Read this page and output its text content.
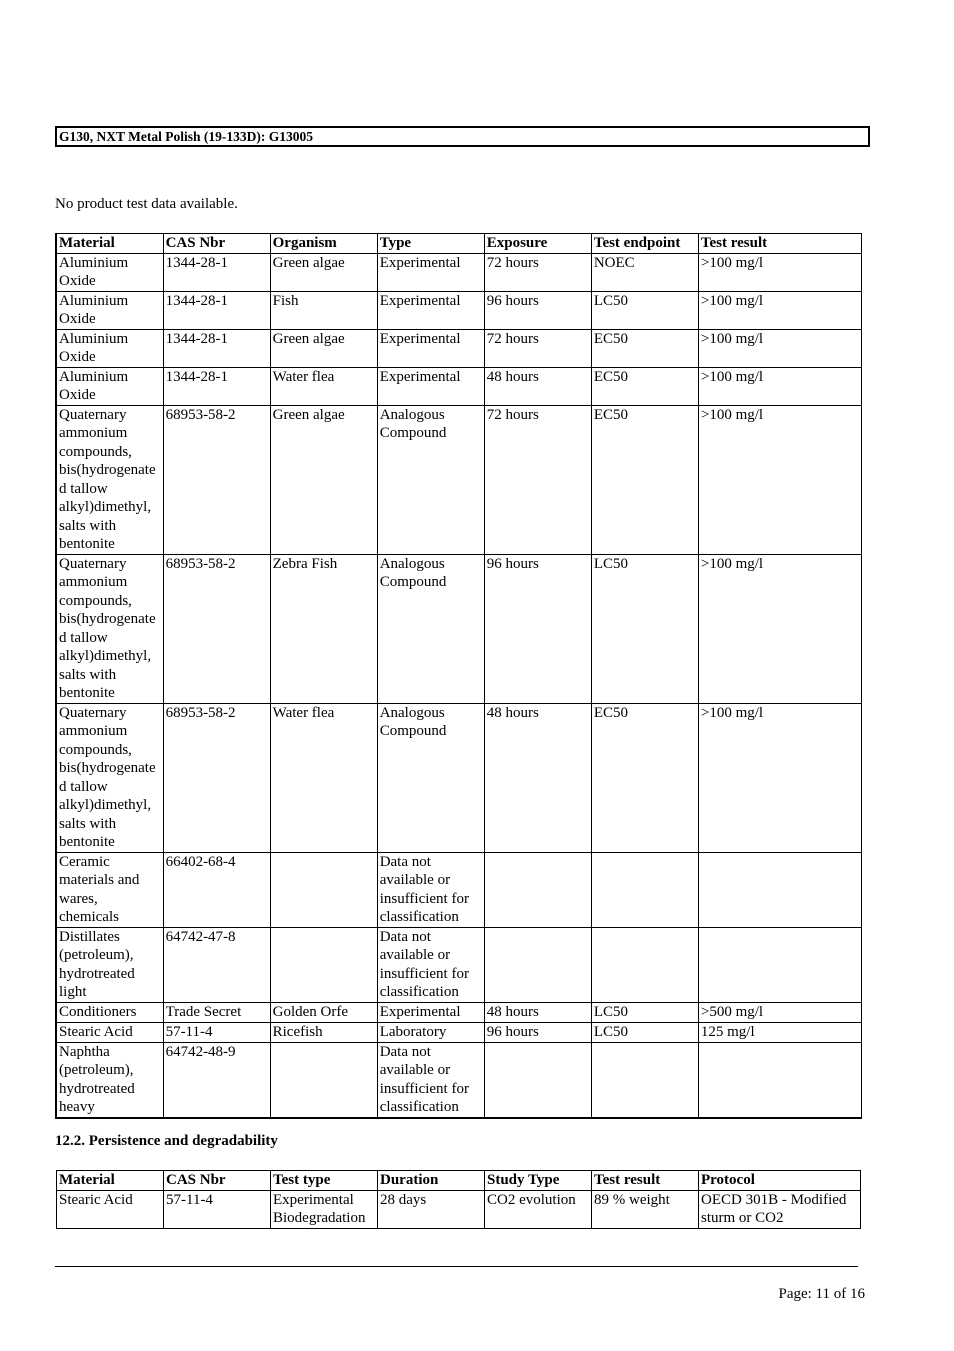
G130, NXT Metal Polish (19-133D): G13005
No product test data available.
Material	CAS Nbr	Organism	Type	Exposure	Test endpoint	Test result
Aluminium Oxide	1344-28-1	Green algae	Experimental	72 hours	NOEC	>100 mg/l
Aluminium Oxide	1344-28-1	Fish	Experimental	96 hours	LC50	>100 mg/l
Aluminium Oxide	1344-28-1	Green algae	Experimental	72 hours	EC50	>100 mg/l
Aluminium Oxide	1344-28-1	Water flea	Experimental	48 hours	EC50	>100 mg/l
Quaternary ammonium compounds, bis(hydrogenated tallow alkyl)dimethyl, salts with bentonite	68953-58-2	Green algae	Analogous Compound	72 hours	EC50	>100 mg/l
Quaternary ammonium compounds, bis(hydrogenated tallow alkyl)dimethyl, salts with bentonite	68953-58-2	Zebra Fish	Analogous Compound	96 hours	LC50	>100 mg/l
Quaternary ammonium compounds, bis(hydrogenated tallow alkyl)dimethyl, salts with bentonite	68953-58-2	Water flea	Analogous Compound	48 hours	EC50	>100 mg/l
Ceramic materials and wares, chemicals	66402-68-4		Data not available or insufficient for classification			
Distillates (petroleum), hydrotreated light	64742-47-8		Data not available or insufficient for classification			
Conditioners	Trade Secret	Golden Orfe	Experimental	48 hours	LC50	>500 mg/l
Stearic Acid	57-11-4	Ricefish	Laboratory	96 hours	LC50	125 mg/l
Naphtha (petroleum), hydrotreated heavy	64742-48-9		Data not available or insufficient for classification			
12.2. Persistence and degradability
Material	CAS Nbr	Test type	Duration	Study Type	Test result	Protocol
Stearic Acid	57-11-4	Experimental Biodegradation	28 days	CO2 evolution	89 % weight	OECD 301B - Modified sturm or CO2
Page: 11 of 16
